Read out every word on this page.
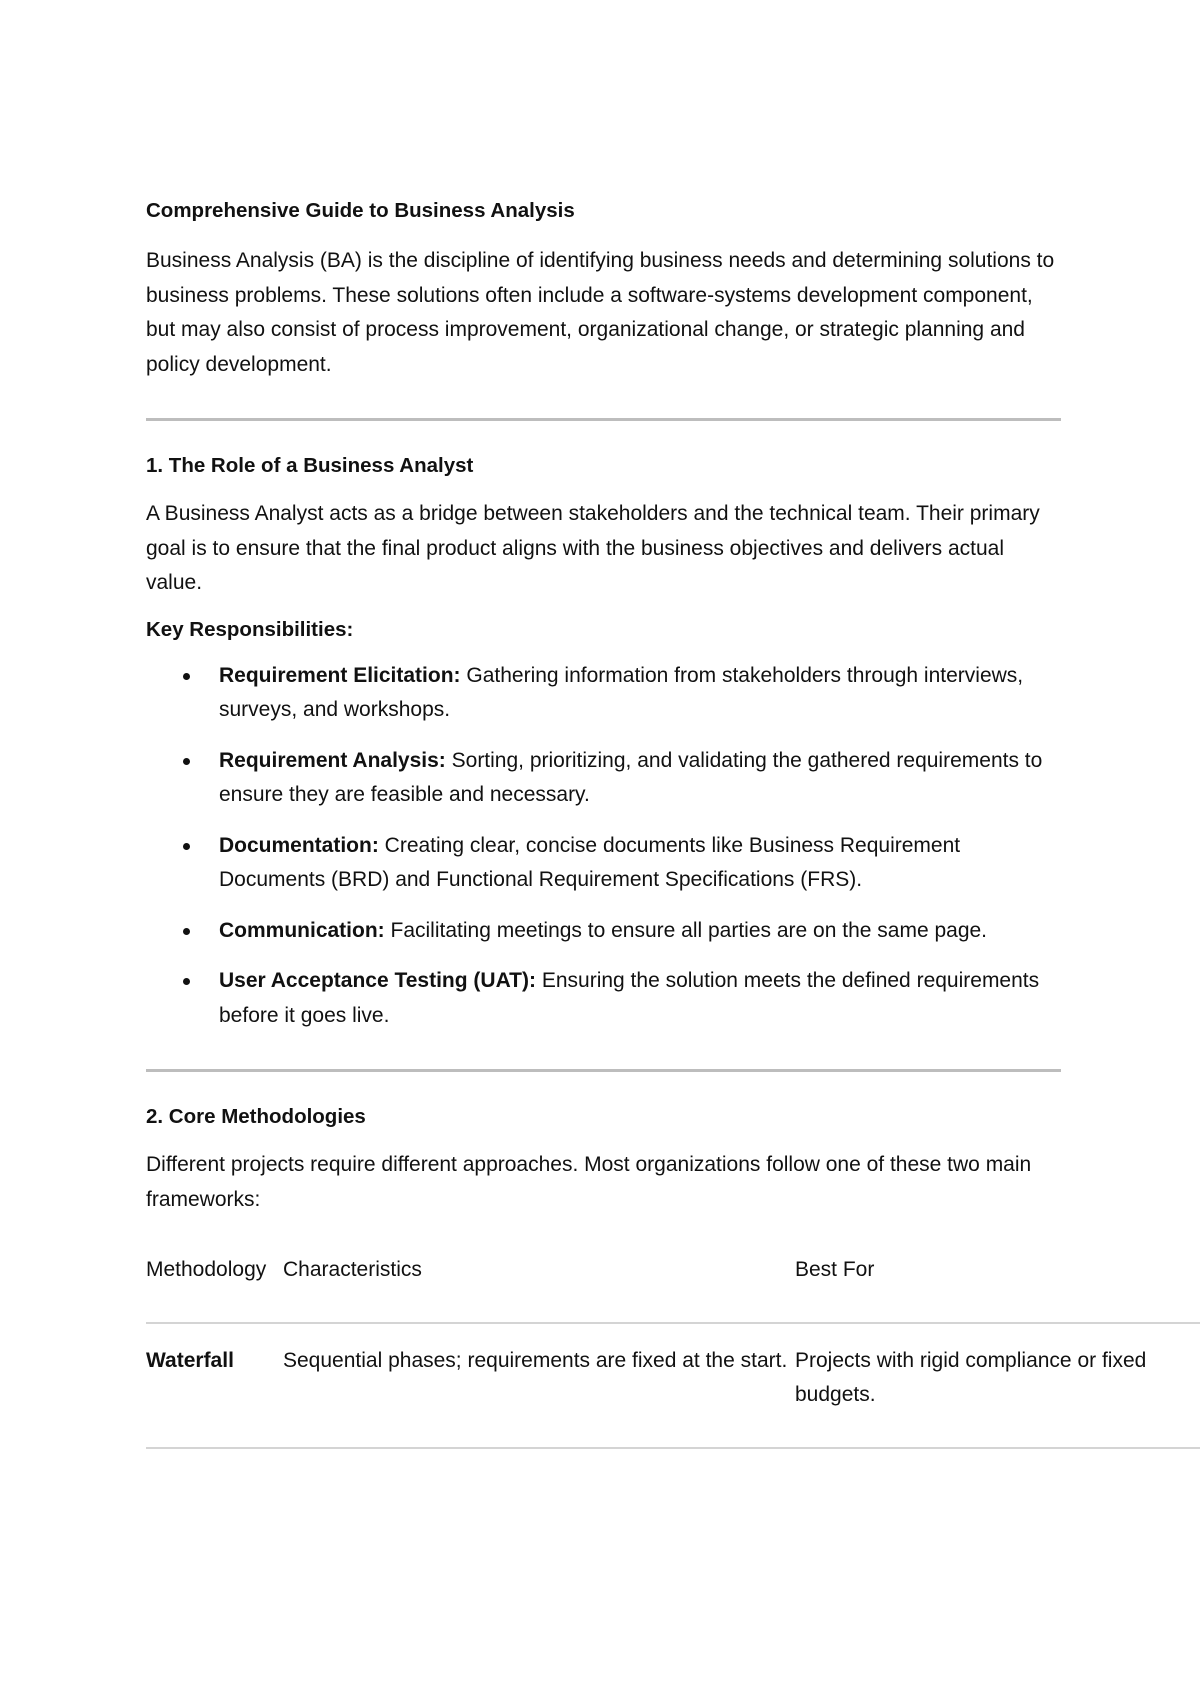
Comprehensive Guide to Business Analysis

Business Analysis (BA) is the discipline of identifying business needs and determining solutions to business problems. These solutions often include a software-systems development component, but may also consist of process improvement, organizational change, or strategic planning and policy development.

1. The Role of a Business Analyst

A Business Analyst acts as a bridge between stakeholders and the technical team. Their primary goal is to ensure that the final product aligns with the business objectives and delivers actual value.

Key Responsibilities:
Requirement Elicitation: Gathering information from stakeholders through interviews, surveys, and workshops.
Requirement Analysis: Sorting, prioritizing, and validating the gathered requirements to ensure they are feasible and necessary.
Documentation: Creating clear, concise documents like Business Requirement Documents (BRD) and Functional Requirement Specifications (FRS).
Communication: Facilitating meetings to ensure all parties are on the same page.
User Acceptance Testing (UAT): Ensuring the solution meets the defined requirements before it goes live.
2. Core Methodologies

Different projects require different approaches. Most organizations follow one of these two main frameworks:

Methodology	Characteristics	Best For
Waterfall	Sequential phases; requirements are fixed at the start.	Projects with rigid compliance or fixed budgets.
